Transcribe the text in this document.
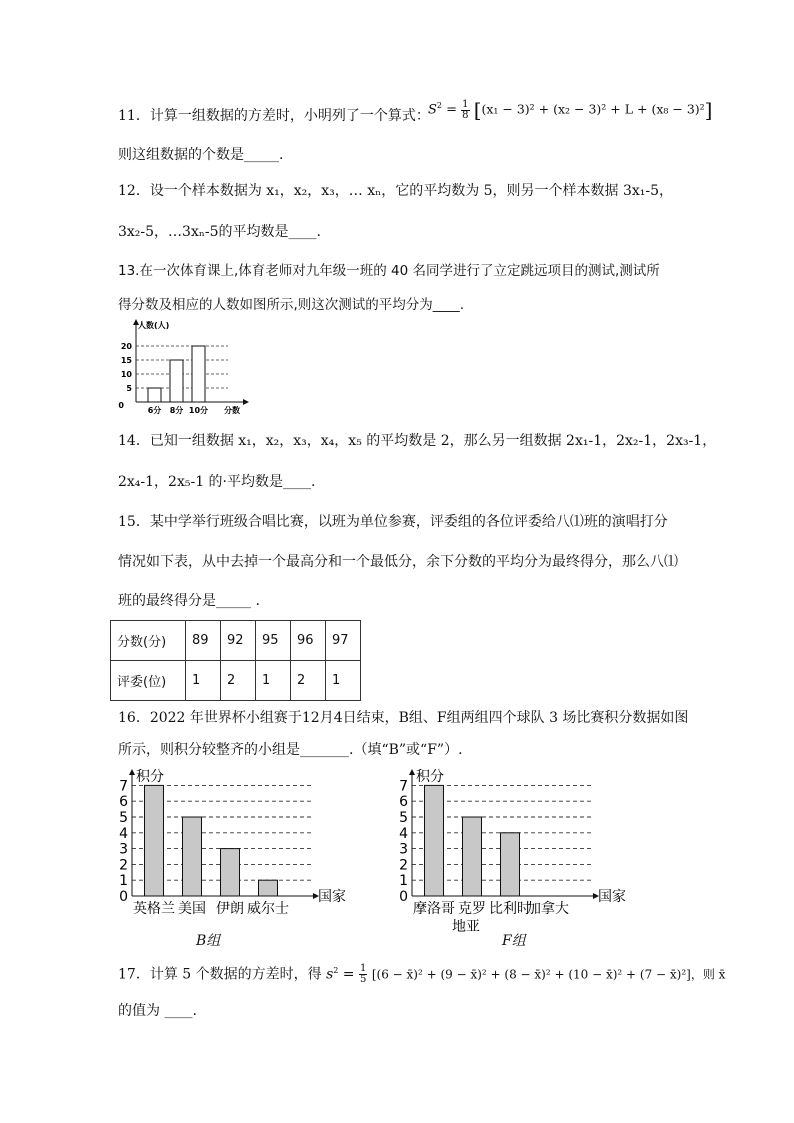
11．计算一组数据的方差时，小明列了一个算式：
$S^2 = 1$
8 [(x₁ − 3)² + (x₂ − 3)² + L + (x₈ − 3)²]
则这组数据的个数是_____.
12．设一个样本数据为 x₁，x₂，x₃，… xₙ，它的平均数为 5，则另一个样本数据 3x₁-5，
3x₂-5，…3xₙ-5的平均数是____.
13.在一次体育课上,体育老师对九年级一班的 40 名同学进行了立定跳远项目的测试,测试所
得分数及相应的人数如图所示,则这次测试的平均分为____.
0
5
10
15
20
6分 8分 10分
人数(人)
分数
14．已知一组数据 x₁，x₂，x₃，x₄，x₅ 的平均数是 2，那么另一组数据 2x₁-1，2x₂-1，2x₃-1，
2x₄-1，2x₅-1 的·平均数是____.
15．某中学举行班级合唱比赛，以班为单位参赛，评委组的各位评委给八⑴班的演唱打分
情况如下表，从中去掉一个最高分和一个最低分，余下分数的平均分为最终得分，那么八⑴
班的最终得分是_____ .
分数(分)	89	92	95	96	97
评委(位)	1	2	1	2	1
16．2022 年世界杯小组赛于12月4日结束，B组、F组两组四个球队 3 场比赛积分数据如图
所示，则积分较整齐的小组是_______.（填“B”或“F”）.
0
1
2
3
4
5
6
7
英格兰 美国 伊朗 威尔士
积分
国家
B组
0
1
2
3
4
5
6
7
摩洛哥 克罗 比利时
加拿大
积分
国家
地亚
F组
17．计算 5 个数据的方差时，得 $s^2 = 1$
5 [(6 − x̄)² + (9 − x̄)² + (8 − x̄)² + (10 − x̄)² + (7 − x̄)²]，则 x̄
的值为 ____.
